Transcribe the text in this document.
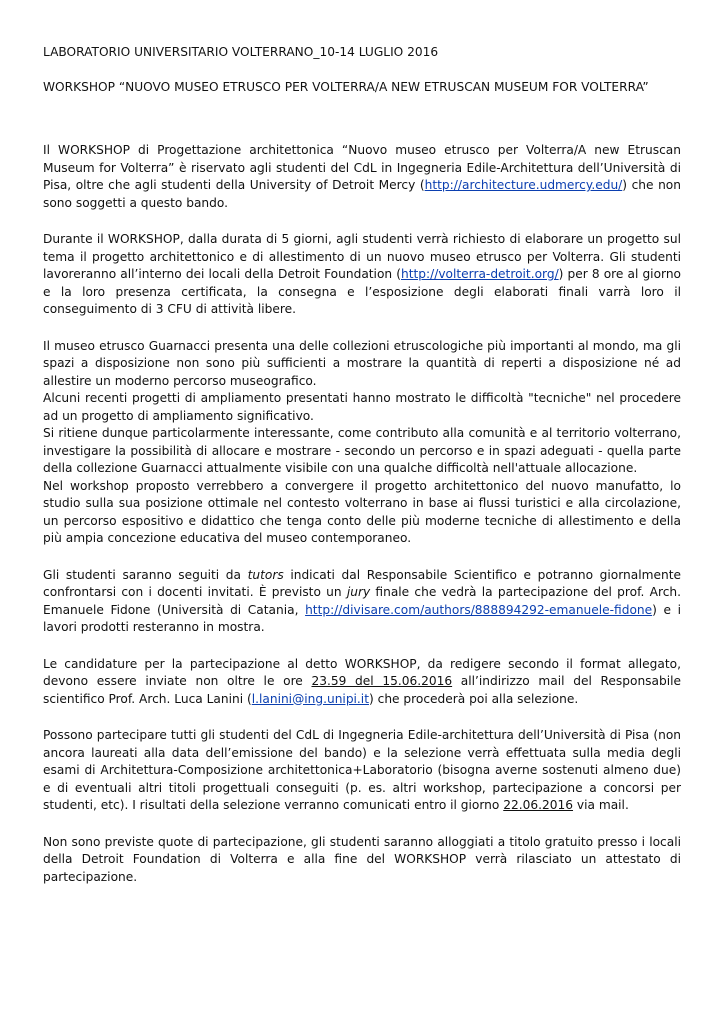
LABORATORIO UNIVERSITARIO VOLTERRANO_10-14 LUGLIO 2016
WORKSHOP “NUOVO MUSEO ETRUSCO PER VOLTERRA/A NEW ETRUSCAN MUSEUM FOR VOLTERRA”

Il WORKSHOP di Progettazione architettonica “Nuovo museo etrusco per Volterra/A new Etruscan Museum for Volterra” è riservato agli studenti del CdL in Ingegneria Edile-Architettura dell’Università di Pisa, oltre che agli studenti della University of Detroit Mercy (http://architecture.udmercy.edu/) che non sono soggetti a questo bando.

Durante il WORKSHOP, dalla durata di 5 giorni, agli studenti verrà richiesto di elaborare un progetto sul tema il progetto architettonico e di allestimento di un nuovo museo etrusco per Volterra. Gli studenti lavoreranno all’interno dei locali della Detroit Foundation (http://volterra-detroit.org/) per 8 ore al giorno e la loro presenza certificata, la consegna e l’esposizione degli elaborati finali varrà loro il conseguimento di 3 CFU di attività libere.

Il museo etrusco Guarnacci presenta una delle collezioni etruscologiche più importanti al mondo, ma gli spazi a disposizione non sono più sufficienti a mostrare la quantità di reperti a disposizione né ad allestire un moderno percorso museografico.

Alcuni recenti progetti di ampliamento presentati hanno mostrato le difficoltà "tecniche" nel procedere ad un progetto di ampliamento significativo.

Si ritiene dunque particolarmente interessante, come contributo alla comunità e al territorio volterrano, investigare la possibilità di allocare e mostrare - secondo un percorso e in spazi adeguati - quella parte della collezione Guarnacci attualmente visibile con una qualche difficoltà nell'attuale allocazione.

Nel workshop proposto verrebbero a convergere il progetto architettonico del nuovo manufatto, lo studio sulla sua posizione ottimale nel contesto volterrano in base ai flussi turistici e alla circolazione, un percorso espositivo e didattico che tenga conto delle più moderne tecniche di allestimento e della più ampia concezione educativa del museo contemporaneo.

Gli studenti saranno seguiti da tutors indicati dal Responsabile Scientifico e potranno giornalmente confrontarsi con i docenti invitati. È previsto un jury finale che vedrà la partecipazione del prof. Arch. Emanuele Fidone (Università di Catania, http://divisare.com/authors/888894292-emanuele-fidone) e i lavori prodotti resteranno in mostra.

Le candidature per la partecipazione al detto WORKSHOP, da redigere secondo il format allegato, devono essere inviate non oltre le ore 23.59 del 15.06.2016 all’indirizzo mail del Responsabile scientifico Prof. Arch. Luca Lanini (l.lanini@ing.unipi.it) che procederà poi alla selezione.

Possono partecipare tutti gli studenti del CdL di Ingegneria Edile-architettura dell’Università di Pisa (non ancora laureati alla data dell’emissione del bando) e la selezione verrà effettuata sulla media degli esami di Architettura-Composizione architettonica+Laboratorio (bisogna averne sostenuti almeno due) e di eventuali altri titoli progettuali conseguiti (p. es. altri workshop, partecipazione a concorsi per studenti, etc). I risultati della selezione verranno comunicati entro il giorno 22.06.2016 via mail.

Non sono previste quote di partecipazione, gli studenti saranno alloggiati a titolo gratuito presso i locali della Detroit Foundation di Volterra e alla fine del WORKSHOP verrà rilasciato un attestato di partecipazione.
